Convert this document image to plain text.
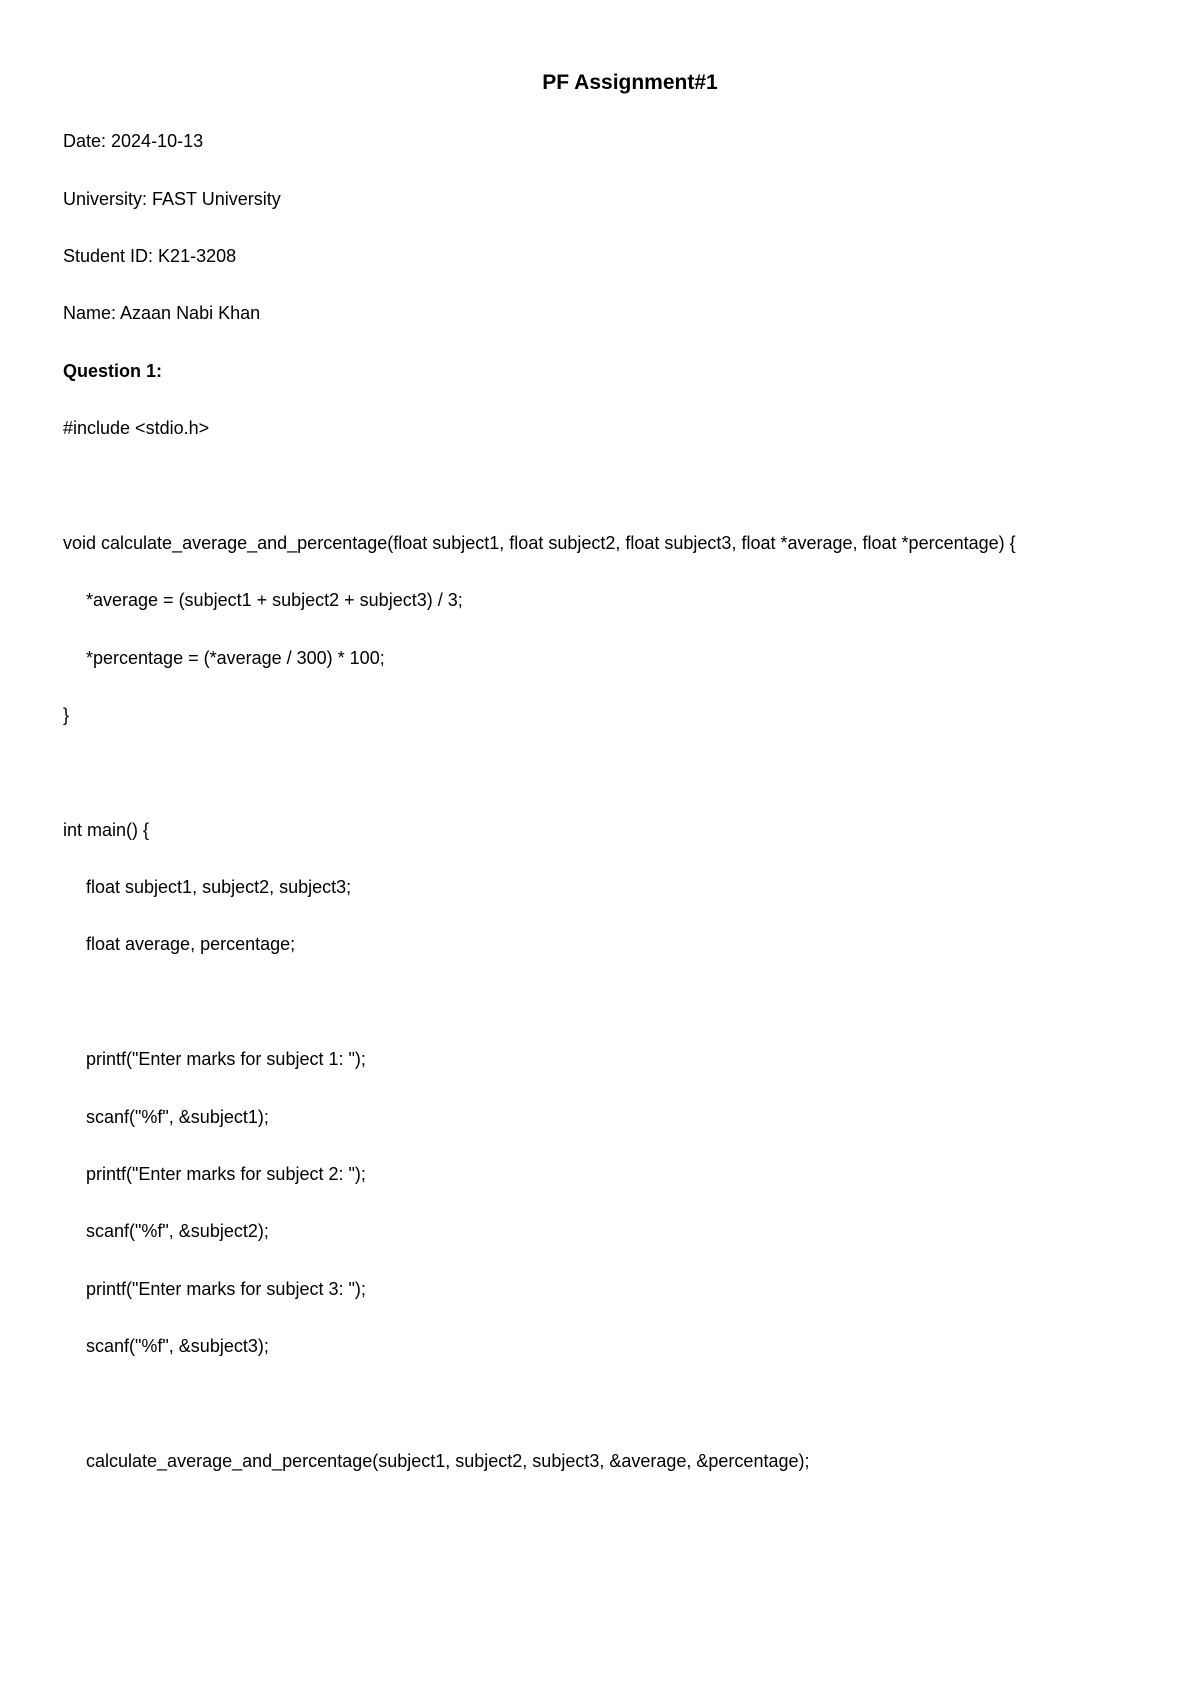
PF Assignment#1

Date: 2024-10-13

University: FAST University

Student ID: K21-3208

Name: Azaan Nabi Khan

Question 1:

#include <stdio.h>

void calculate_average_and_percentage(float subject1, float subject2, float subject3, float *average, float *percentage) {

*average = (subject1 + subject2 + subject3) / 3;

*percentage = (*average / 300) * 100;

}

int main() {

float subject1, subject2, subject3;

float average, percentage;

printf("Enter marks for subject 1: ");

scanf("%f", &subject1);

printf("Enter marks for subject 2: ");

scanf("%f", &subject2);

printf("Enter marks for subject 3: ");

scanf("%f", &subject3);

calculate_average_and_percentage(subject1, subject2, subject3, &average, &percentage);
